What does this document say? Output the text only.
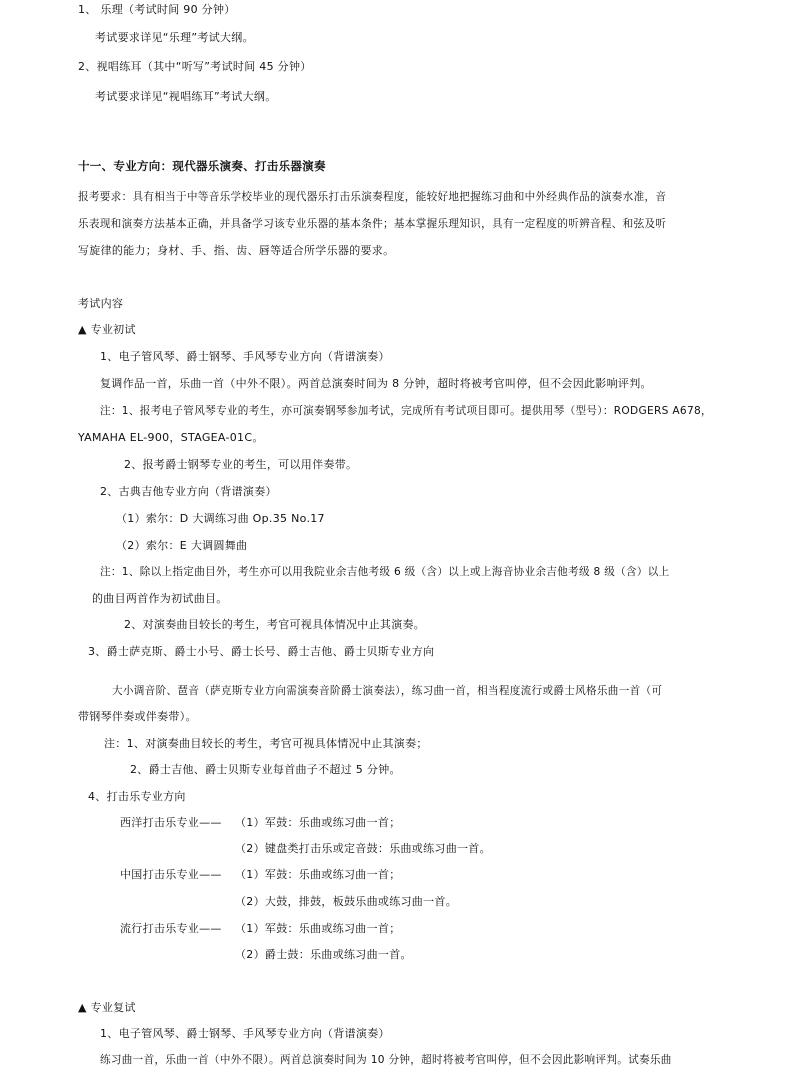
1、 乐理（考试时间 90 分钟）
考试要求详见“乐理”考试大纲。
2、视唱练耳（其中“听写”考试时间 45 分钟）
考试要求详见“视唱练耳”考试大纲。
十一、专业方向：现代器乐演奏、打击乐器演奏
报考要求：具有相当于中等音乐学校毕业的现代器乐打击乐演奏程度，能较好地把握练习曲和中外经典作品的演奏水准，音
乐表现和演奏方法基本正确，并具备学习该专业乐器的基本条件；基本掌握乐理知识，具有一定程度的听辨音程、和弦及听
写旋律的能力；身材、手、指、齿、唇等适合所学乐器的要求。
考试内容
▲ 专业初试
1、电子管风琴、爵士钢琴、手风琴专业方向（背谱演奏）
复调作品一首，乐曲一首（中外不限）。两首总演奏时间为 8 分钟，超时将被考官叫停，但不会因此影响评判。
注：1、报考电子管风琴专业的考生，亦可演奏钢琴参加考试，完成所有考试项目即可。提供用琴（型号）：RODGERS A678，
YAMAHA EL-900，STAGEA-01C。
2、报考爵士钢琴专业的考生，可以用伴奏带。
2、古典吉他专业方向（背谱演奏）
（1）索尔：D 大调练习曲 Op.35 No.17
（2）索尔：E 大调圆舞曲
注：1、除以上指定曲目外，考生亦可以用我院业余吉他考级 6 级（含）以上或上海音协业余吉他考级 8 级（含）以上
的曲目两首作为初试曲目。
2、对演奏曲目较长的考生，考官可视具体情况中止其演奏。
3、爵士萨克斯、爵士小号、爵士长号、爵士吉他、爵士贝斯专业方向
大小调音阶、琶音（萨克斯专业方向需演奏音阶爵士演奏法），练习曲一首，相当程度流行或爵士风格乐曲一首（可
带钢琴伴奏或伴奏带）。
注：1、对演奏曲目较长的考生，考官可视具体情况中止其演奏；
2、爵士吉他、爵士贝斯专业每首曲子不超过 5 分钟。
4、打击乐专业方向
西洋打击乐专业—— （1）军鼓：乐曲或练习曲一首；
（2）键盘类打击乐或定音鼓：乐曲或练习曲一首。
中国打击乐专业—— （1）军鼓：乐曲或练习曲一首；
（2）大鼓，排鼓，板鼓乐曲或练习曲一首。
流行打击乐专业—— （1）军鼓：乐曲或练习曲一首；
（2）爵士鼓：乐曲或练习曲一首。
▲ 专业复试
1、电子管风琴、爵士钢琴、手风琴专业方向（背谱演奏）
练习曲一首，乐曲一首（中外不限）。两首总演奏时间为 10 分钟，超时将被考官叫停，但不会因此影响评判。试奏乐曲
